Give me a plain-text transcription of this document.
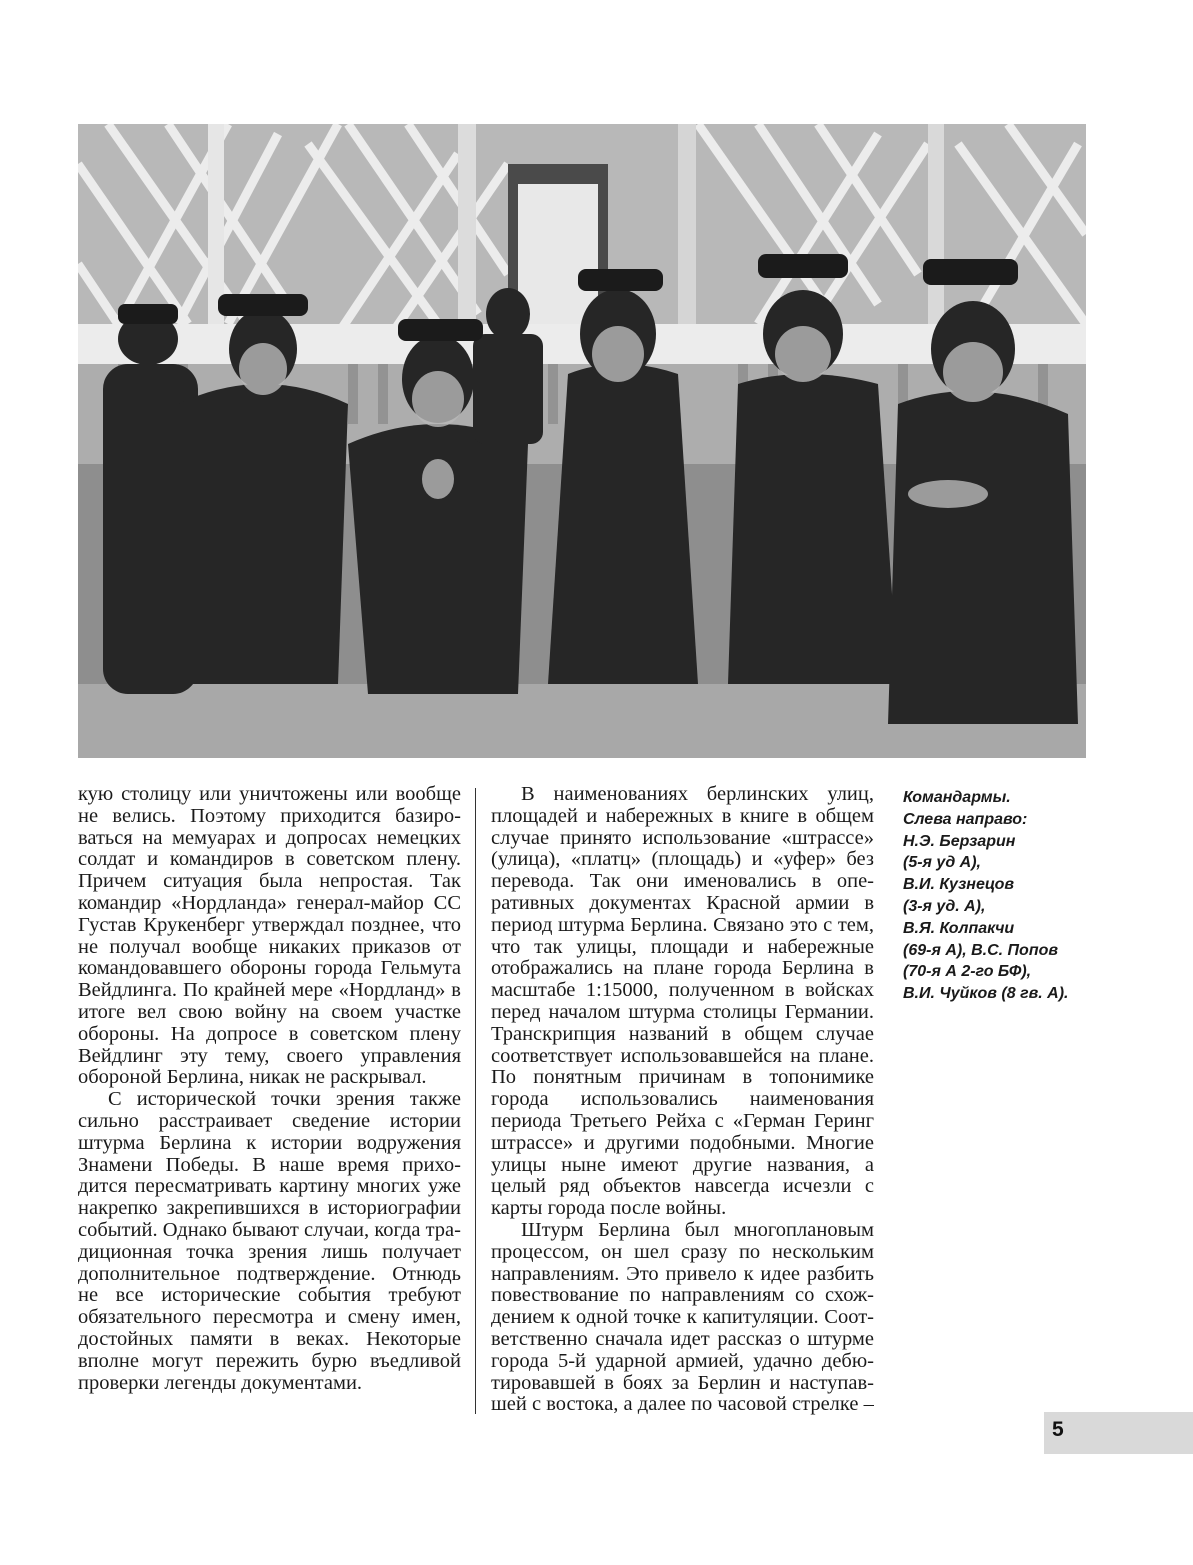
кую столицу или уничтожены или вообще не велись. Поэтому приходится базироваться на мемуарах и допросах немецких солдат и командиров в советском плену. Причем ситуация была непростая. Так командир «Нордланда» генерал-майор СС Густав Крукенберг утверждал позднее, что не получал вообще никаких приказов от командовавшего обороны города Гельмута Вейдлинга. По крайней мере «Нордланд» в итоге вел свою войну на своем участке обороны. На допросе в советском плену Вейдлинг эту тему, своего управления обороной Берлина, никак не раскрывал.

С исторической точки зрения также сильно расстраивает сведение истории штурма Берлина к истории водружения Знамени Победы. В наше время приходится пересматривать картину многих уже накрепко закрепившихся в историографии событий. Однако бывают случаи, когда традиционная точка зрения лишь получает дополнительное подтверждение. Отнюдь не все исторические события требуют обязательного пересмотра и смену имен, достойных памяти в веках. Некоторые вполне могут пережить бурю въедливой проверки легенды документами.

В наименованиях берлинских улиц, площадей и набережных в книге в общем случае принято использование «штрассе» (улица), «платц» (площадь) и «уфер» без перевода. Так они именовались в оперативных документах Красной армии в период штурма Берлина. Связано это с тем, что так улицы, площади и набережные отображались на плане города Берлина в масштабе 1:15000, полученном в войсках перед началом штурма столицы Германии. Транскрипция названий в общем случае соответствует использовавшейся на плане. По понятным причинам в топонимике города использовались наименования периода Третьего Рейха с «Герман Геринг штрассе» и другими подобными. Многие улицы ныне имеют другие названия, а целый ряд объектов навсегда исчезли с карты города после войны.

Штурм Берлина был многоплановым процессом, он шел сразу по нескольким направлениям. Это привело к идее разбить повествование по направлениям со схождением к одной точке к капитуляции. Соответственно сначала идет рассказ о штурме города 5-й ударной армией, удачно дебютировавшей в боях за Берлин и наступавшей с востока, а далее по часовой стрелке –

Командармы.
Слева направо:
Н.Э. Берзарин
(5-я уд А),
В.И. Кузнецов
(3-я уд. А),
В.Я. Колпакчи
(69-я А), В.С. Попов
(70-я А 2-го БФ),
В.И. Чуйков (8 гв. А).
5
